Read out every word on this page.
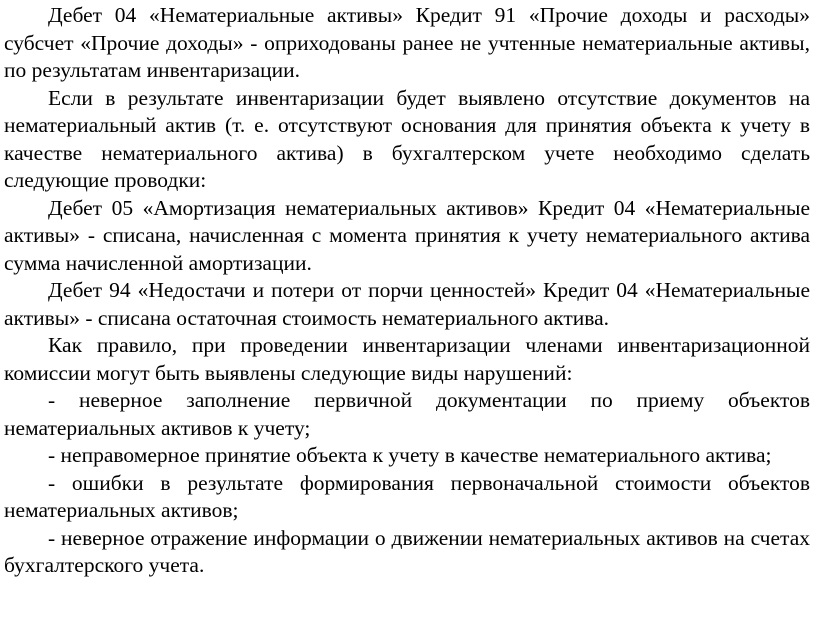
Дебет 04 «Нематериальные активы» Кредит 91 «Прочие доходы и расходы» субсчет «Прочие доходы» - оприходованы ранее не учтенные нематериальные активы, по результатам инвентаризации.

Если в результате инвентаризации будет выявлено отсутствие документов на нематериальный актив (т. е. отсутствуют основания для принятия объекта к учету в качестве нематериального актива) в бухгалтерском учете необходимо сделать следующие проводки:

Дебет 05 «Амортизация нематериальных активов» Кредит 04 «Нематериальные активы» - списана, начисленная с момента принятия к учету нематериального актива сумма начисленной амортизации.

Дебет 94 «Недостачи и потери от порчи ценностей» Кредит 04 «Нематериальные активы» - списана остаточная стоимость нематериального актива.

Как правило, при проведении инвентаризации членами инвентаризационной комиссии могут быть выявлены следующие виды нарушений:

- неверное заполнение первичной документации по приему объектов нематериальных активов к учету;

- неправомерное принятие объекта к учету в качестве нематериального актива;

- ошибки в результате формирования первоначальной стоимости объектов нематериальных активов;

- неверное отражение информации о движении нематериальных активов на счетах бухгалтерского учета.
